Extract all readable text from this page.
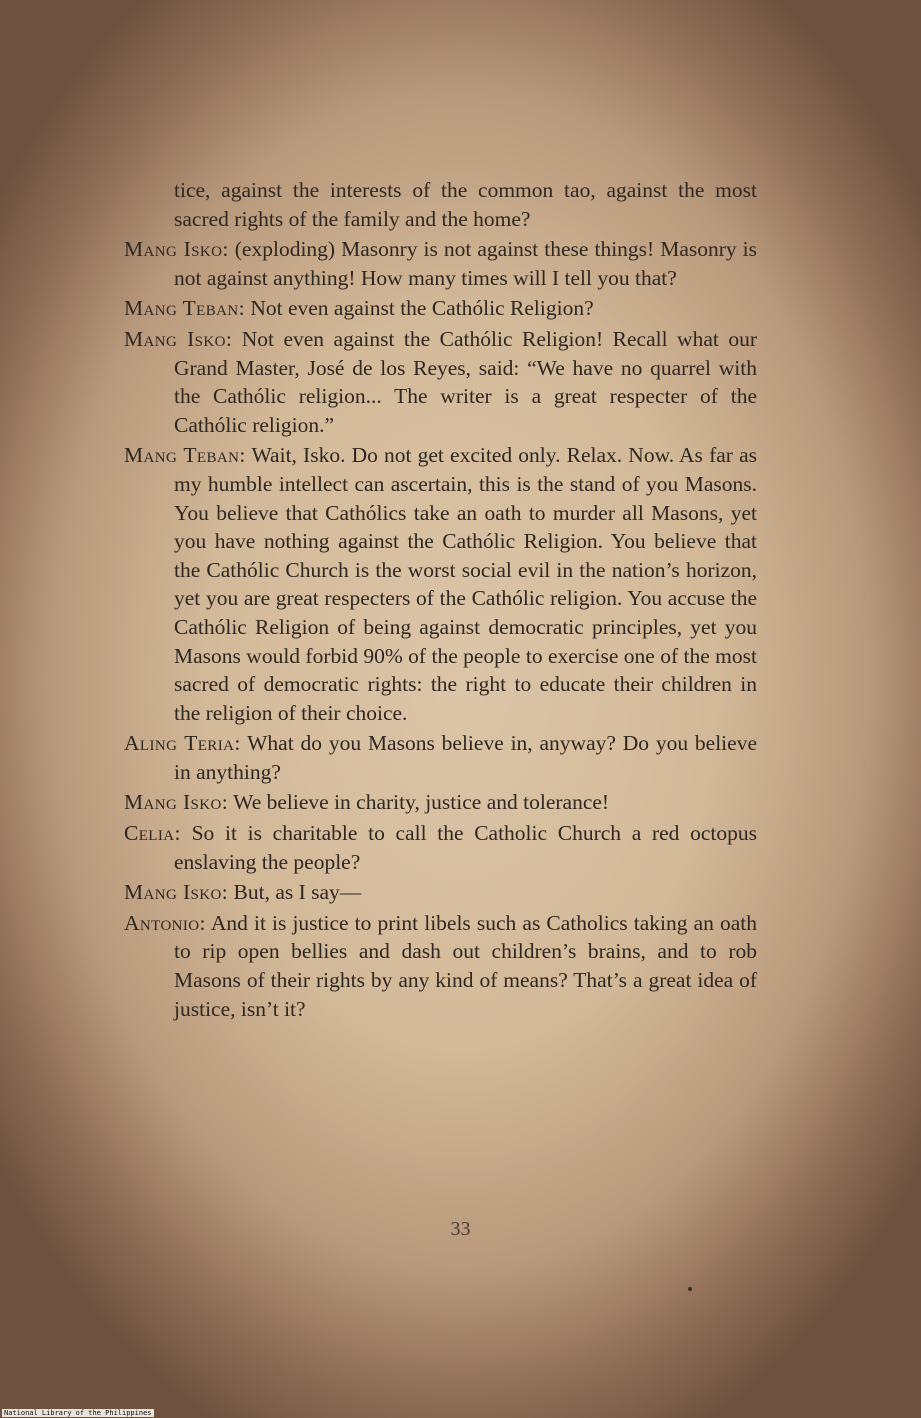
tice, against the interests of the common tao, against the most sacred rights of the family and the home?

Mang Isko: (exploding) Masonry is not against these things! Masonry is not against anything! How many times will I tell you that?

Mang Teban: Not even against the Cathólic Religion?

Mang Isko: Not even against the Cathólic Religion! Recall what our Grand Master, José de los Reyes, said: “We have no quarrel with the Cathólic religion... The writer is a great respecter of the Cathólic religion.”

Mang Teban: Wait, Isko. Do not get excited only. Relax. Now. As far as my humble intellect can ascertain, this is the stand of you Masons. You believe that Cathólics take an oath to murder all Masons, yet you have nothing against the Cathólic Religion. You believe that the Cathólic Church is the worst social evil in the nation’s horizon, yet you are great respecters of the Cathólic religion. You accuse the Cathólic Religion of being against democratic principles, yet you Masons would forbid 90% of the people to exercise one of the most sacred of democratic rights: the right to educate their children in the religion of their choice.

Aling Teria: What do you Masons believe in, anyway? Do you believe in anything?

Mang Isko: We believe in charity, justice and tolerance!

Celia: So it is charitable to call the Catholic Church a red octopus enslaving the people?

Mang Isko: But, as I say—

Antonio: And it is justice to print libels such as Catholics taking an oath to rip open bellies and dash out children’s brains, and to rob Masons of their rights by any kind of means? That’s a great idea of justice, isn’t it?

33
National Library of the Philippines
